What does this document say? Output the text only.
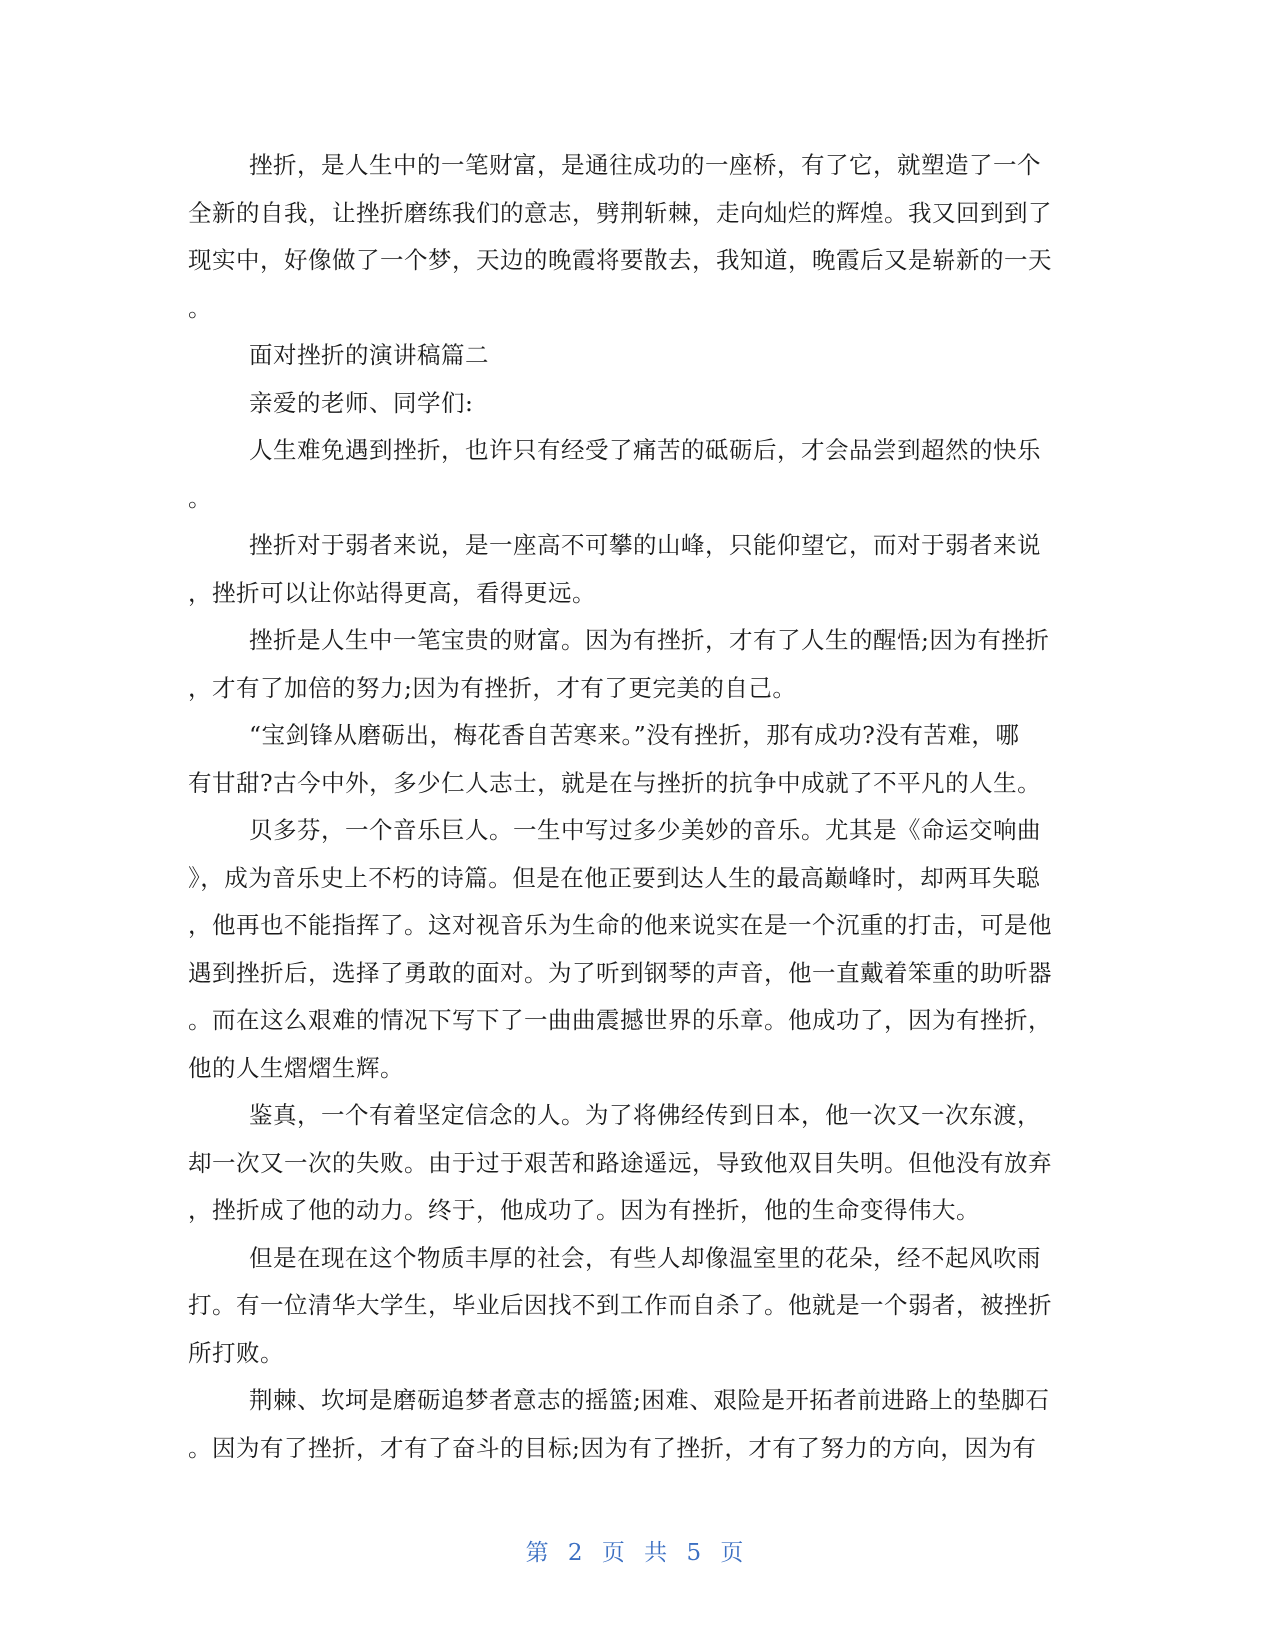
挫折，是人生中的一笔财富，是通往成功的一座桥，有了它，就塑造了一个
全新的自我，让挫折磨练我们的意志，劈荆斩棘，走向灿烂的辉煌。我又回到到了
现实中，好像做了一个梦，天边的晚霞将要散去，我知道，晚霞后又是崭新的一天
。
面对挫折的演讲稿篇二
亲爱的老师、同学们:
人生难免遇到挫折，也许只有经受了痛苦的砥砺后，才会品尝到超然的快乐
。
挫折对于弱者来说，是一座高不可攀的山峰，只能仰望它，而对于弱者来说
，挫折可以让你站得更高，看得更远。
挫折是人生中一笔宝贵的财富。因为有挫折，才有了人生的醒悟;因为有挫折
，才有了加倍的努力;因为有挫折，才有了更完美的自己。
“宝剑锋从磨砺出，梅花香自苦寒来。”没有挫折，那有成功?没有苦难，哪
有甘甜?古今中外，多少仁人志士，就是在与挫折的抗争中成就了不平凡的人生。
贝多芬，一个音乐巨人。一生中写过多少美妙的音乐。尤其是《命运交响曲
》，成为音乐史上不朽的诗篇。但是在他正要到达人生的最高巅峰时，却两耳失聪
，他再也不能指挥了。这对视音乐为生命的他来说实在是一个沉重的打击，可是他
遇到挫折后，选择了勇敢的面对。为了听到钢琴的声音，他一直戴着笨重的助听器
。而在这么艰难的情况下写下了一曲曲震撼世界的乐章。他成功了，因为有挫折，
他的人生熠熠生辉。
鉴真，一个有着坚定信念的人。为了将佛经传到日本，他一次又一次东渡，
却一次又一次的失败。由于过于艰苦和路途遥远，导致他双目失明。但他没有放弃
，挫折成了他的动力。终于，他成功了。因为有挫折，他的生命变得伟大。
但是在现在这个物质丰厚的社会，有些人却像温室里的花朵，经不起风吹雨
打。有一位清华大学生，毕业后因找不到工作而自杀了。他就是一个弱者，被挫折
所打败。
荆棘、坎坷是磨砺追梦者意志的摇篮;困难、艰险是开拓者前进路上的垫脚石
。因为有了挫折，才有了奋斗的目标;因为有了挫折，才有了努力的方向，因为有
第 2 页 共 5 页
